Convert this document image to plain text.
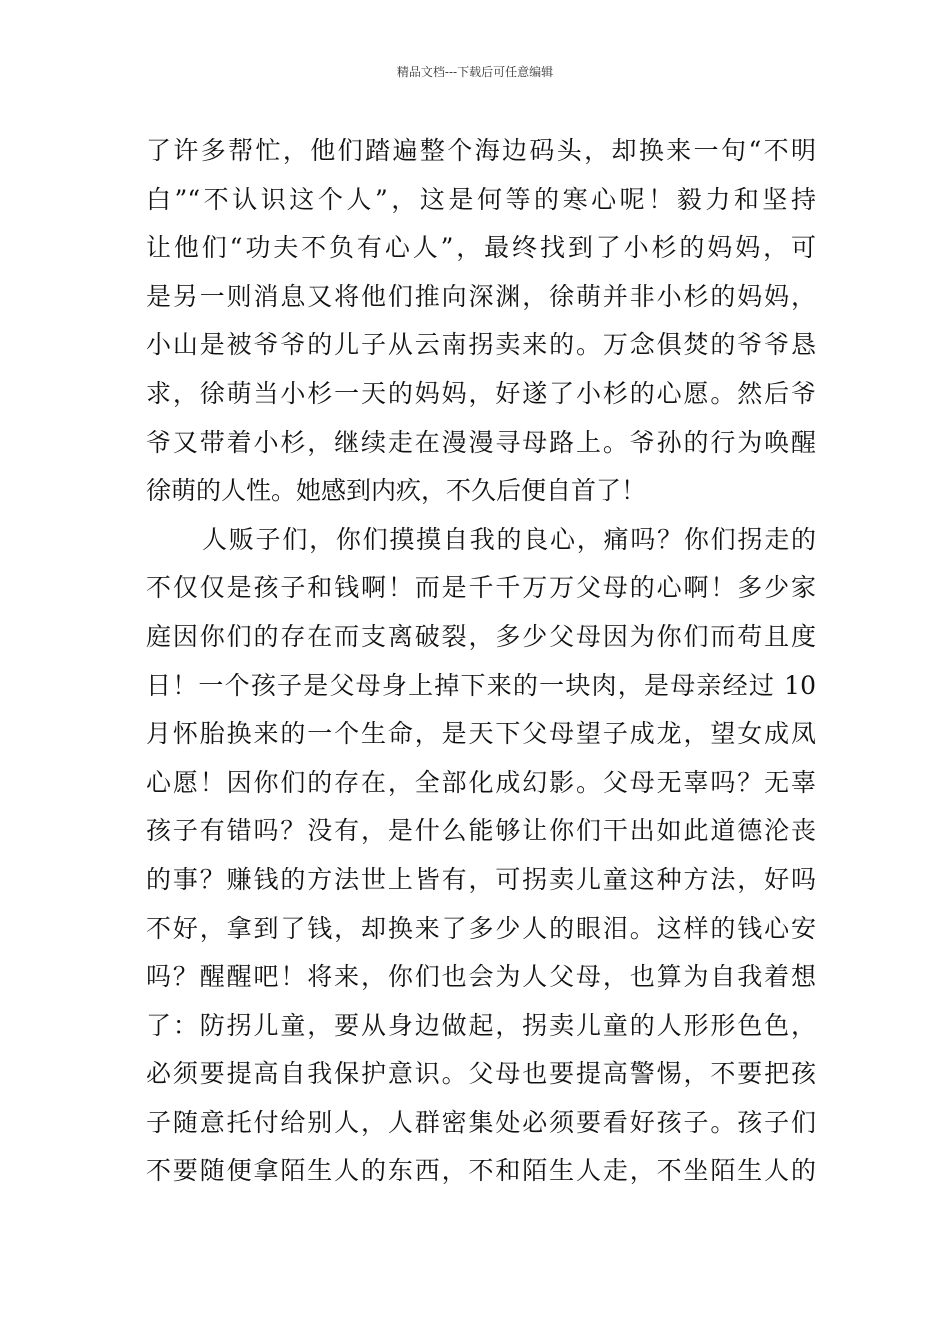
精品文档---下载后可任意编辑
了许多帮忙，他们踏遍整个海边码头，却换来一句“不明
白”“不认识这个人”，这是何等的寒心呢！毅力和坚持
让他们“功夫不负有心人”，最终找到了小杉的妈妈，可
是另一则消息又将他们推向深渊，徐萌并非小杉的妈妈，
小山是被爷爷的儿子从云南拐卖来的。万念俱焚的爷爷恳
求，徐萌当小杉一天的妈妈，好遂了小杉的心愿。然后爷
爷又带着小杉，继续走在漫漫寻母路上。爷孙的行为唤醒
徐萌的人性。她感到内疚，不久后便自首了！
人贩子们，你们摸摸自我的良心，痛吗？你们拐走的
不仅仅是孩子和钱啊！而是千千万万父母的心啊！多少家
庭因你们的存在而支离破裂，多少父母因为你们而苟且度
日！一个孩子是父母身上掉下来的一块肉，是母亲经过 10
月怀胎换来的一个生命，是天下父母望子成龙，望女成凤
心愿！因你们的存在，全部化成幻影。父母无辜吗？无辜
孩子有错吗？没有，是什么能够让你们干出如此道德沦丧
的事？赚钱的方法世上皆有，可拐卖儿童这种方法，好吗
不好，拿到了钱，却换来了多少人的眼泪。这样的钱心安
吗？醒醒吧！将来，你们也会为人父母，也算为自我着想
了：防拐儿童，要从身边做起，拐卖儿童的人形形色色，
必须要提高自我保护意识。父母也要提高警惕，不要把孩
子随意托付给别人，人群密集处必须要看好孩子。孩子们
不要随便拿陌生人的东西，不和陌生人走，不坐陌生人的
